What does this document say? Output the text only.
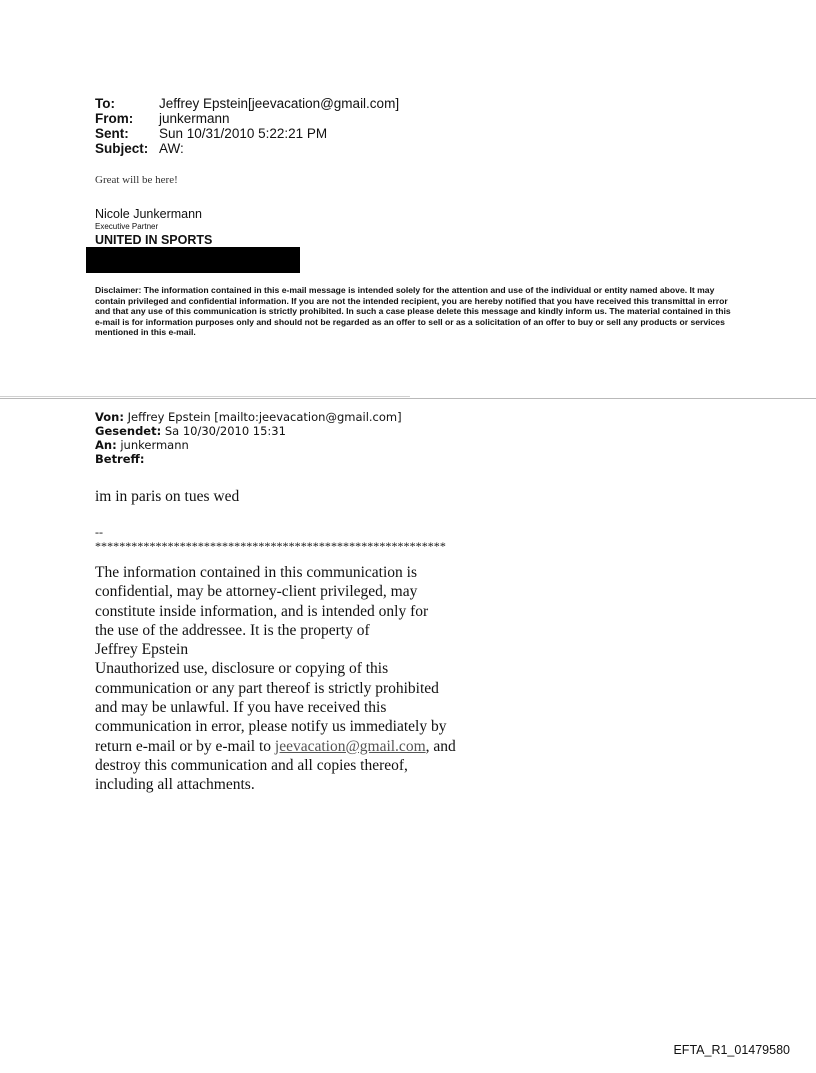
To:	Jeffrey Epstein[jeevacation@gmail.com]
From: junkermann
Sent: Sun 10/31/2010 5:22:21 PM
Subject: AW:
Great will be here!
Nicole Junkermann
Executive Partner
UNITED IN SPORTS
Disclaimer: The information contained in this e-mail message is intended solely for the attention and use of the individual or entity named above. It may contain privileged and confidential information. If you are not the intended recipient, you are hereby notified that you have received this transmittal in error and that any use of this communication is strictly prohibited. In such a case please delete this message and kindly inform us. The material contained in this e-mail is for information purposes only and should not be regarded as an offer to sell or as a solicitation of an offer to buy or sell any products or services mentioned in this e-mail.
Von: Jeffrey Epstein [mailto:jeevacation@gmail.com]
Gesendet: Sa 10/30/2010 15:31
An: junkermann
Betreff:
im in paris on tues wed
--
**********************************************************

The information contained in this communication is

confidential, may be attorney-client privileged, may

constitute inside information, and is intended only for

the use of the addressee. It is the property of

Jeffrey Epstein

Unauthorized use, disclosure or copying of this

communication or any part thereof is strictly prohibited

and may be unlawful. If you have received this

communication in error, please notify us immediately by

return e-mail or by e-mail to jeevacation@gmail.com, and

destroy this communication and all copies thereof,

including all attachments.

EFTA_R1_01479580
